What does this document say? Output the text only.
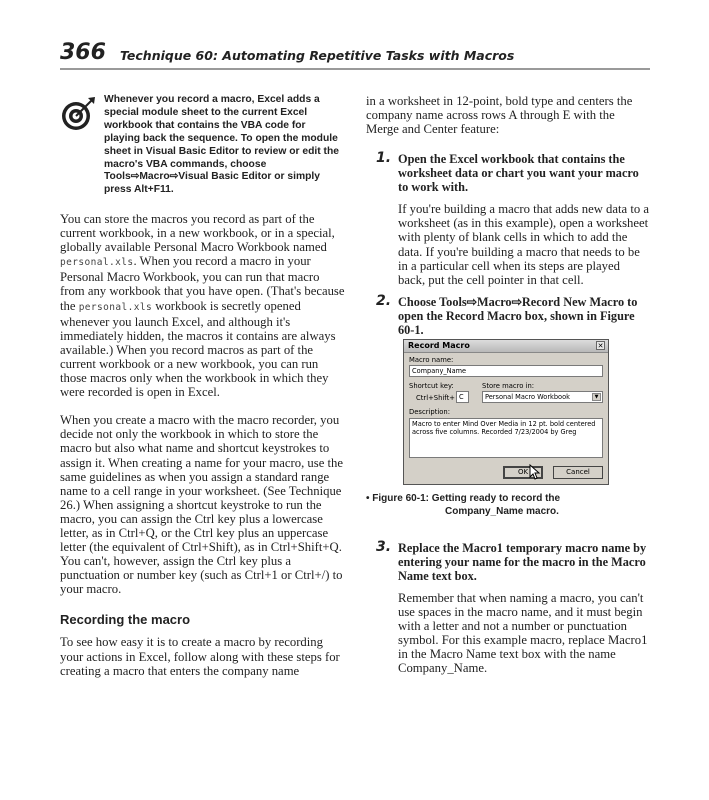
366 Technique 60: Automating Repetitive Tasks with Macros
Whenever you record a macro, Excel adds a special module sheet to the current Excel workbook that contains the VBA code for playing back the sequence. To open the module sheet in Visual Basic Editor to review or edit the macro's VBA commands, choose Tools⇨Macro⇨Visual Basic Editor or simply press Alt+F11.

You can store the macros you record as part of the current workbook, in a new workbook, or in a special, globally available Personal Macro Workbook named personal.xls. When you record a macro in your Personal Macro Workbook, you can run that macro from any workbook that you have open. (That's because the personal.xls workbook is secretly opened whenever you launch Excel, and although it's immediately hidden, the macros it contains are always available.) When you record macros as part of the current workbook or a new workbook, you can run those macros only when the workbook in which they were recorded is open in Excel.

When you create a macro with the macro recorder, you decide not only the workbook in which to store the macro but also what name and shortcut keystrokes to assign it. When creating a name for your macro, use the same guidelines as when you assign a standard range name to a cell range in your worksheet. (See Technique 26.) When assigning a shortcut keystroke to run the macro, you can assign the Ctrl key plus a lowercase letter, as in Ctrl+Q, or the Ctrl key plus an uppercase letter (the equivalent of Ctrl+Shift), as in Ctrl+Shift+Q. You can't, however, assign the Ctrl key plus a punctuation or number key (such as Ctrl+1 or Ctrl+/) to your macro.

Recording the macro

To see how easy it is to create a macro by recording your actions in Excel, follow along with these steps for creating a macro that enters the company name

in a worksheet in 12-point, bold type and centers the company name across rows A through E with the Merge and Center feature:

1. Open the Excel workbook that contains the worksheet data or chart you want your macro to work with.

If you're building a macro that adds new data to a worksheet (as in this example), open a worksheet with plenty of blank cells in which to add the data. If you're building a macro that needs to be in a particular cell when its steps are played back, put the cell pointer in that cell.

2. Choose Tools⇨Macro⇨Record New Macro to open the Record Macro box, shown in Figure 60-1.

3. Replace the Macro1 temporary macro name by entering your name for the macro in the Macro Name text box.

Remember that when naming a macro, you can't use spaces in the macro name, and it must begin with a letter and not a number or punctuation symbol. For this example macro, replace Macro1 in the Macro Name text box with the name Company_Name.

Record Macro	✕
Macro name:
Company_Name
Shortcut key:
Ctrl+Shift+ C
Store macro in:
Personal Macro Workbook	▼
Description:
Macro to enter Mind Over Media in 12 pt. bold centered across five columns. Recorded 7/23/2004 by Greg
OK	Cancel
• Figure 60-1: Getting ready to record the
Company_Name macro.
